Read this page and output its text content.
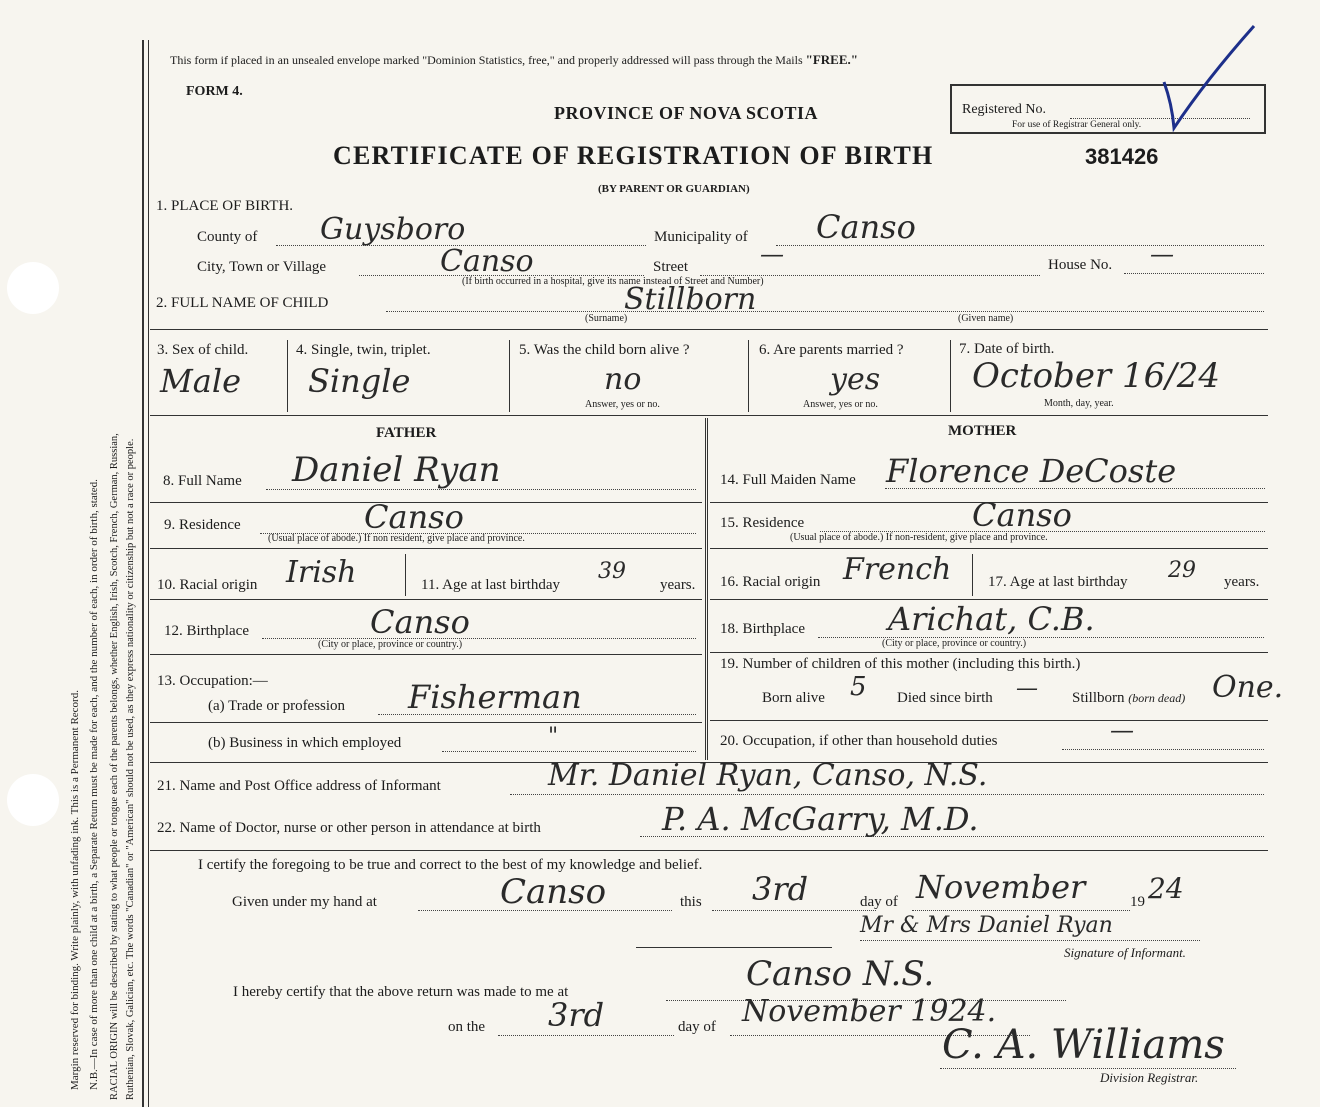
Margin reserved for binding. Write plainly, with unfading ink. This is a Permanent Record. N.B.—In case of more than one child at a birth, a Separate Return must be made for each, and the number of each, in order of birth, stated. RACIAL ORIGIN will be described by stating to what people or tongue each of the parents belongs, whether English, Irish, Scotch, French, German, Russian, Ruthenian, Slovak, Galician, etc. The words "Canadian" or "American" should not be used, as they express nationality or citizenship but not a race or people.
This form if placed in an unsealed envelope marked "Dominion Statistics, free," and properly addressed will pass through the Mails "FREE."
FORM 4.
PROVINCE OF NOVA SCOTIA	Registered No.
For use of Registrar General only.
CERTIFICATE OF REGISTRATION OF BIRTH	381426
(BY PARENT OR GUARDIAN)
1. PLACE OF BIRTH.
County of Guysboro	Municipality of Canso
City, Town or Village	Canso	Street	—	House No. —
(If birth occurred in a hospital, give its name instead of Street and Number)
2. FULL NAME OF CHILD	Stillborn
(Surname)	(Given name)
3. Sex of child.
Male
4. Single, twin, triplet.
Single
5. Was the child born alive ?
no
Answer, yes or no.
6. Are parents married ?
yes
Answer, yes or no.
7. Date of birth.
October 16/24
Month, day, year.
FATHER	MOTHER
8. Full Name Daniel Ryan
9. Residence	Canso
(Usual place of abode.) If non resident, give place and province.
10. Racial origin Irish	11. Age at last birthday
39
years.
12. Birthplace	Canso
(City or place, province or country.)
13. Occupation:—
(a) Trade or profession Fisherman
(b) Business in which employed	"
14. Full Maiden Name Florence DeCoste
15. Residence	Canso
(Usual place of abode.) If non-resident, give place and province.
16. Racial origin French 17. Age at last birthday 29 years.
18. Birthplace	Arichat, C.B.
(City or place, province or country.)
19. Number of children of this mother (including this birth.)
Born alive 5 Died since birth — Stillborn (born dead) One.
20. Occupation, if other than household duties	—
21. Name and Post Office address of Informant	Mr. Daniel Ryan, Canso, N.S.
22. Name of Doctor, nurse or other person in attendance at birth	P. A. McGarry, M.D.
I certify the foregoing to be true and correct to the best of my knowledge and belief.
Given under my hand at	Canso	this 3rd	day of November	19 24
Mr & Mrs Daniel Ryan
Signature of Informant.
I hereby certify that the above return was made to me at	Canso N.S.
on the 3rd	day of November 1924.
C. A. Williams
Division Registrar.
